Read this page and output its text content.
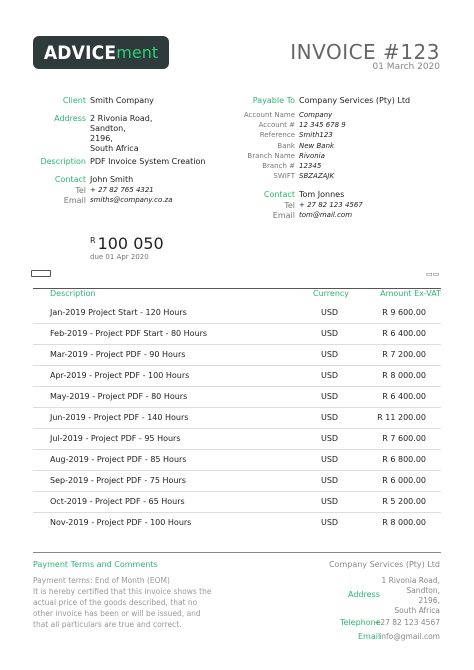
ADVICE ment	INVOICE #123
01 March 2020
Client Smith Company
Address 2 Rivonia Road,
Sandton,
2196,
South Africa
Description PDF Invoice System Creation
Contact John Smith
Tel + 27 82 765 4321
Email smiths@company.co.za
Payable To Company Services (Pty) Ltd
Account Name Company
Account # 12 345 678 9
Reference Smith123
Bank New Bank
Branch Name Rivonia
Branch # 12345
SWIFT SBZAZAJK
Contact Tom Jonnes
Tel + 27 82 123 4567
Email tom@mail.com
$^R$ 100 050
due 01 Apr 2020
▭▭
Description	Currency	Amount Ex-VAT
Jan-2019 Project Start - 120 Hours	USD	R 9 600.00
Feb-2019 - Project PDF Start - 80 Hours	USD	R 6 400.00
Mar-2019 - Project PDF - 90 Hours	USD	R 7 200.00
Apr-2019 - Project PDF - 100 Hours	USD	R 8 000.00
May-2019 - Project PDF - 80 Hours	USD	R 6 400.00
Jun-2019 - Project PDF - 140 Hours	USD	R 11 200.00
Jul-2019 - Project PDF - 95 Hours	USD	R 7 600.00
Aug-2019 - Project PDF - 85 Hours	USD	R 6 800.00
Sep-2019 - Project PDF - 75 Hours	USD	R 6 000.00
Oct-2019 - Project PDF - 65 Hours	USD	R 5 200.00
Nov-2019 - Project PDF - 100 Hours	USD	R 8 000.00
Payment Terms and Comments
Payment terms: End of Month (EOM)
It is hereby certified that this invoice shows the actual price of the goods described, that no other invoice has been or will be issued, and that all particulars are true and correct.
Company Services (Pty) Ltd
1 Rivonia Road,
Sandton,
2196,
South Africa
Address
Telephone
+27 82 123 4567
Email
info@gmail.com
